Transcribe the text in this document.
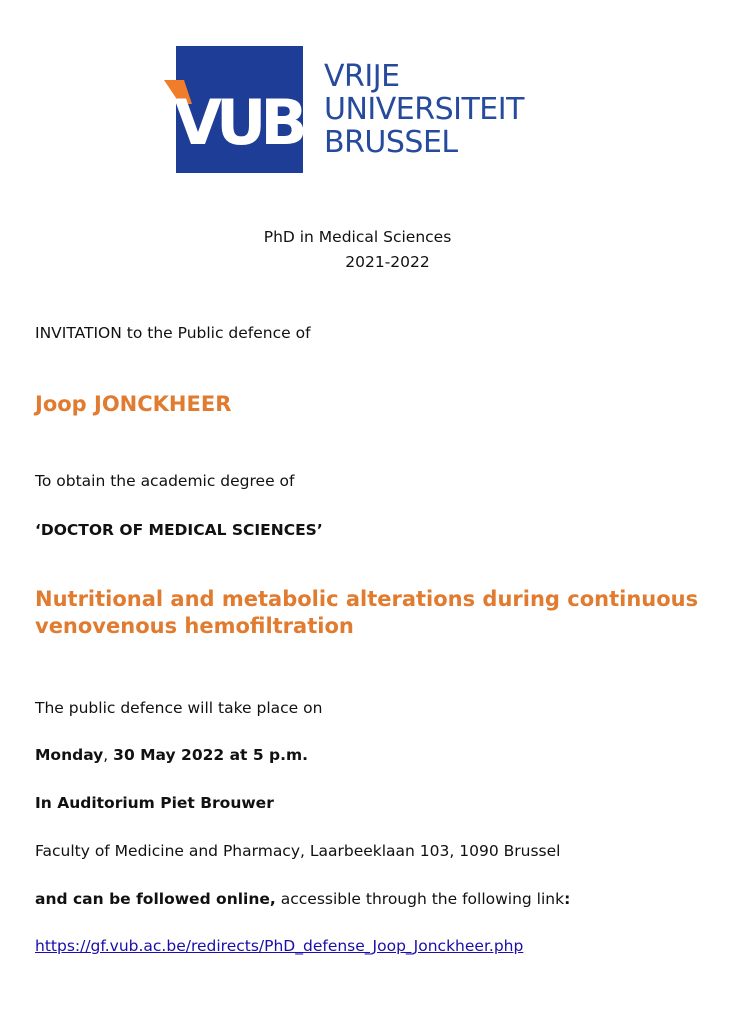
VUB
VRIJE
UNIVERSITEIT
BRUSSEL
PhD in Medical Sciences
2021-2022
INVITATION to the Public defence of
Joop JONCKHEER
To obtain the academic degree of
‘DOCTOR OF MEDICAL SCIENCES’
Nutritional and metabolic alterations during continuous venovenous hemofiltration
The public defence will take place on
Monday, 30 May 2022 at 5 p.m.
In Auditorium Piet Brouwer
Faculty of Medicine and Pharmacy, Laarbeeklaan 103, 1090 Brussel
and can be followed online, accessible through the following link:
https://gf.vub.ac.be/redirects/PhD_defense_Joop_Jonckheer.php
